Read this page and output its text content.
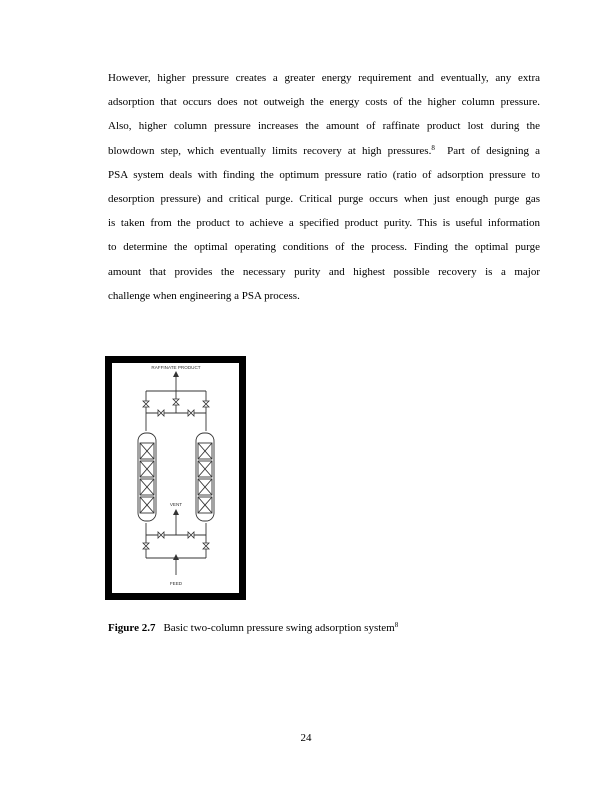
However, higher pressure creates a greater energy requirement and eventually, any extra
adsorption that occurs does not outweigh the energy costs of the higher column pressure.
Also, higher column pressure increases the amount of raffinate product lost during the
blowdown step, which eventually limits recovery at high pressures.$^8$  Part of designing a
PSA system deals with finding the optimum pressure ratio (ratio of adsorption pressure to
desorption pressure) and critical purge. Critical purge occurs when just enough purge gas
is taken from the product to achieve a specified product purity. This is useful information
to determine the optimal operating conditions of the process. Finding the optimal purge
amount that provides the necessary purity and highest possible recovery is a major
challenge when engineering a PSA process.
RAFFINATE PRODUCT
VENT
FEED
Figure 2.7 Basic two-column pressure swing adsorption system$^8$
24
